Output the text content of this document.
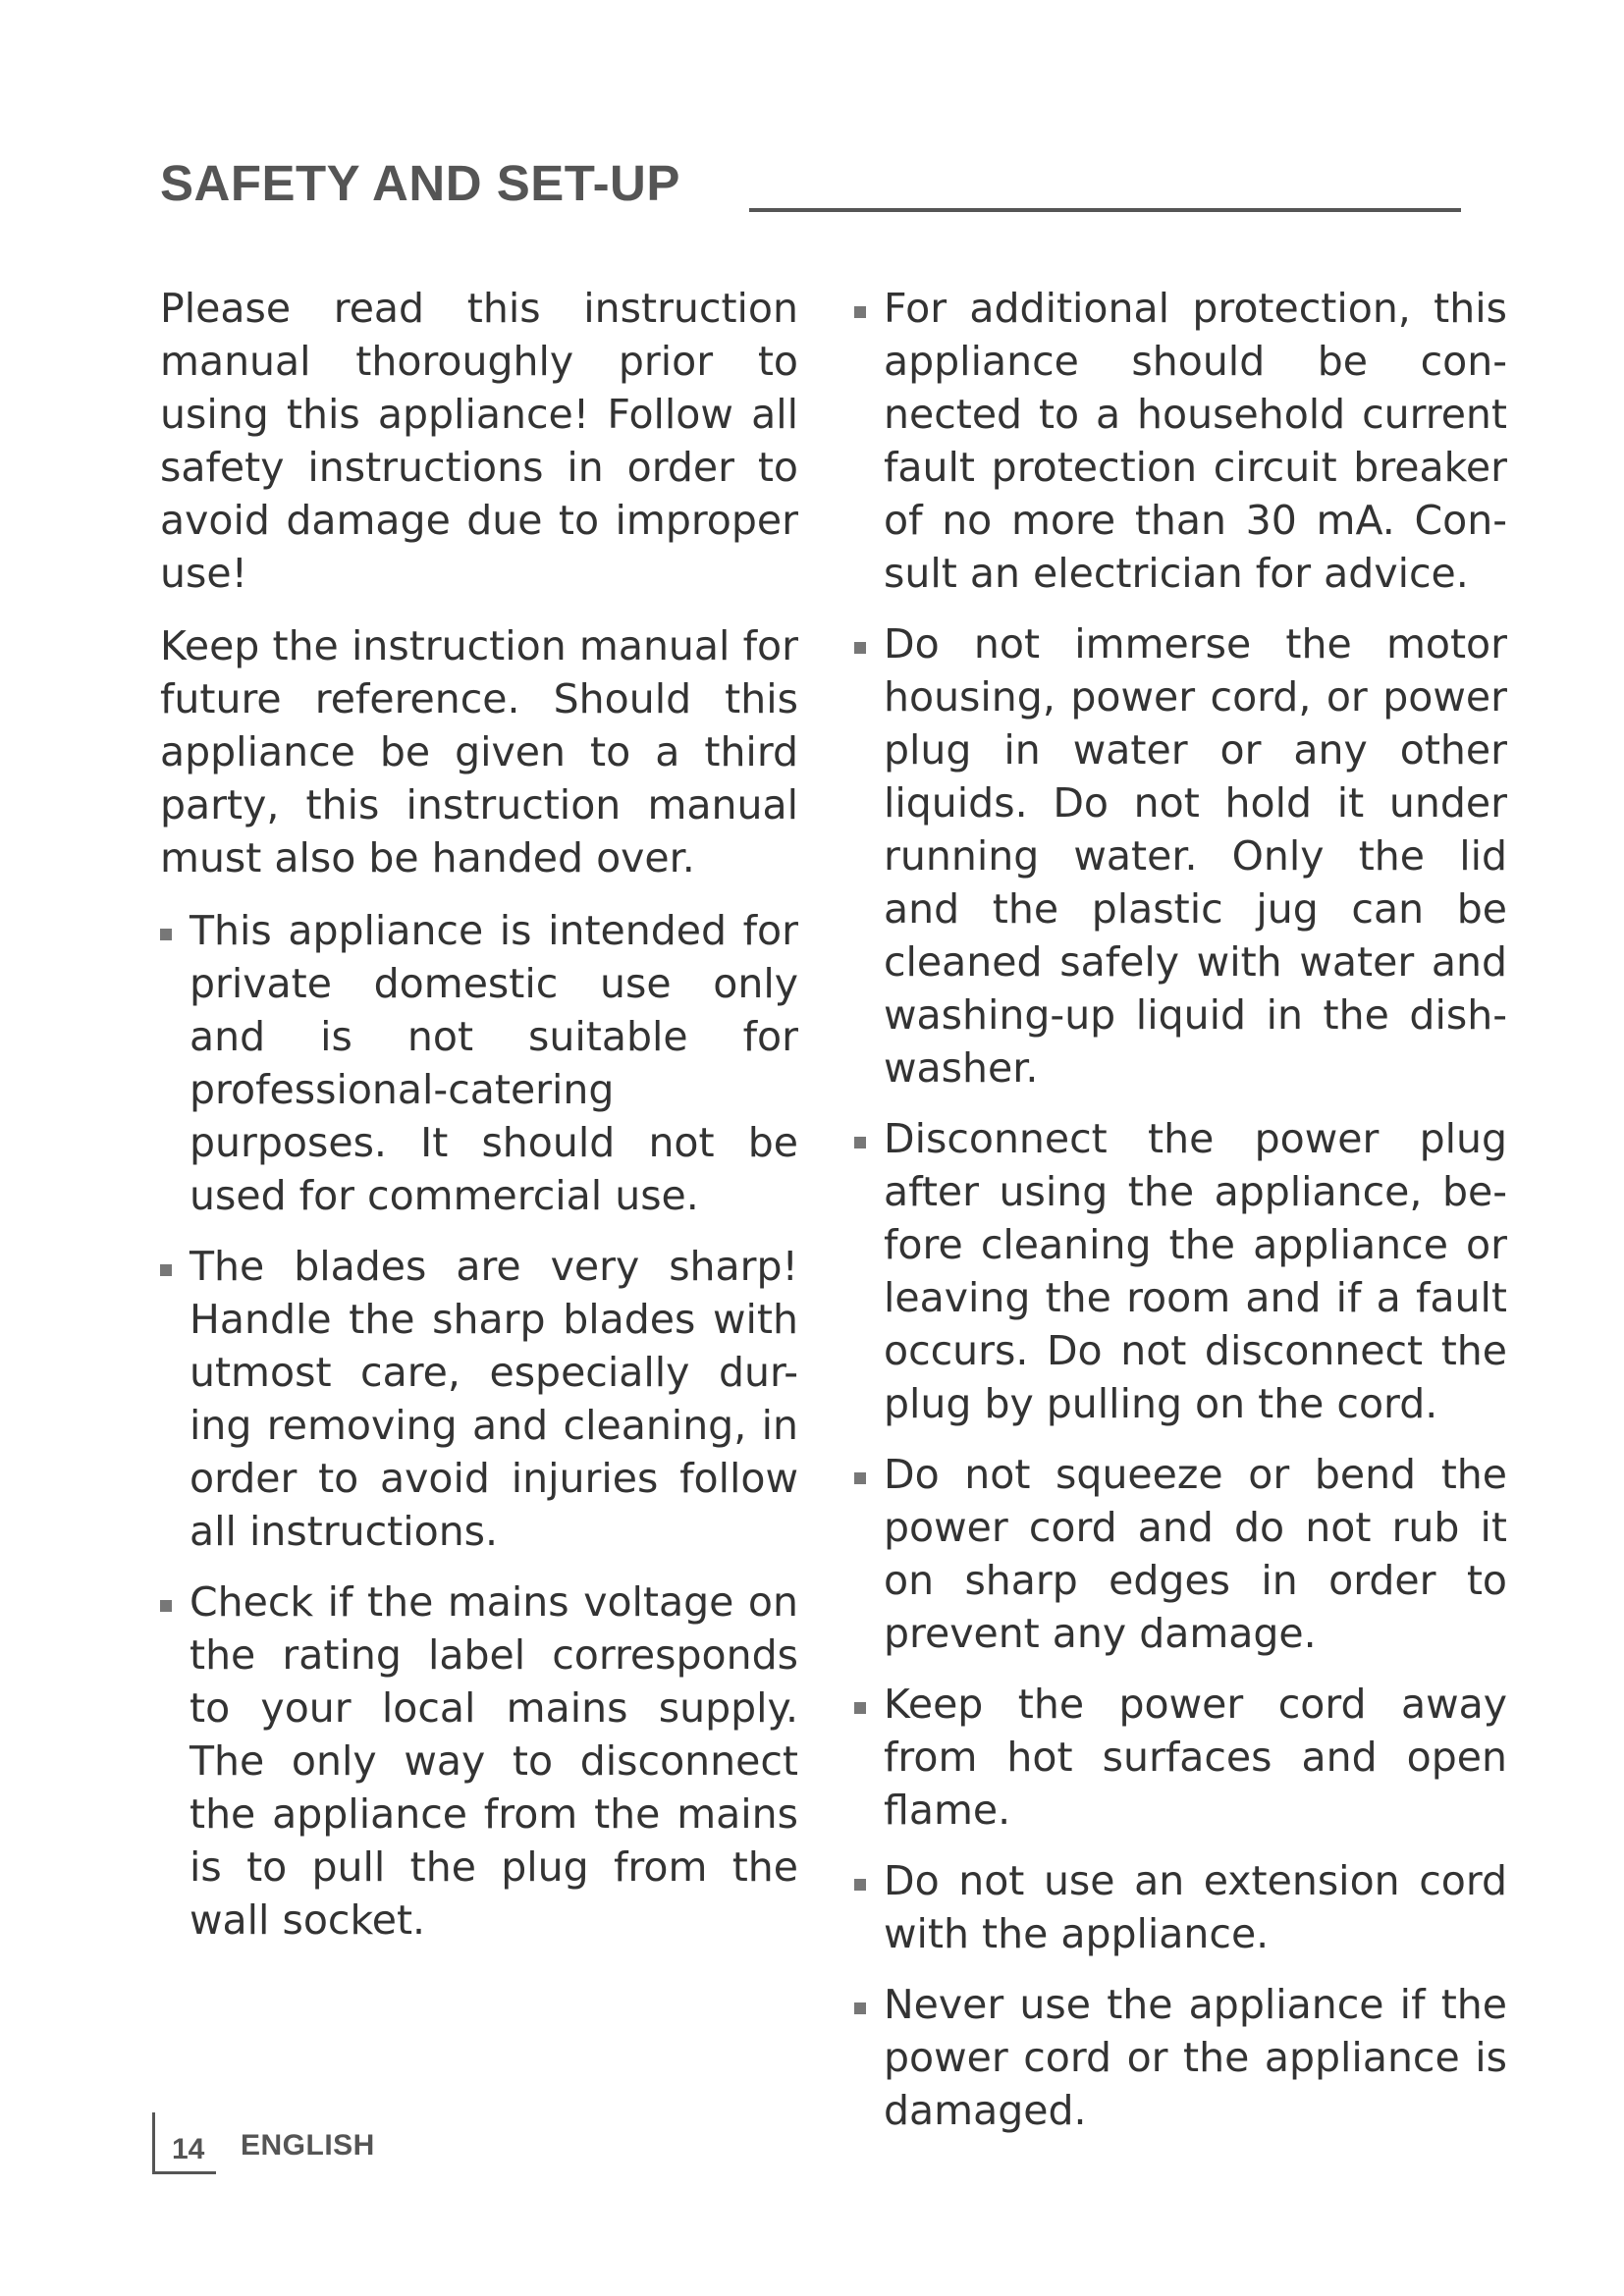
SAFETY AND SET-UP

Please read this instruction manual thoroughly prior to using this appliance! Follow all safety instructions in order to avoid damage due to improper use!

Keep the instruction manual for future reference. Should this appliance be given to a third party, this instruction manual must also be handed over.

This appliance is intended for private domestic use only and is not suitable for professional-catering purposes. It should not be used for commercial use.
The blades are very sharp! Handle the sharp blades with utmost care, especially dur-ing removing and cleaning, in order to avoid injuries follow all instructions.
Check if the mains voltage on the rating label corresponds to your local mains supply. The only way to disconnect the appliance from the mains is to pull the plug from the wall socket.
For additional protection, this appliance should be con-nected to a household current fault protection circuit breaker of no more than 30 mA. Con-sult an electrician for advice.
Do not immerse the motor housing, power cord, or power plug in water or any other liquids. Do not hold it under running water. Only the lid and the plastic jug can be cleaned safely with water and washing-up liquid in the dish-washer.
Disconnect the power plug after using the appliance, be-fore cleaning the appliance or leaving the room and if a fault occurs. Do not disconnect the plug by pulling on the cord.
Do not squeeze or bend the power cord and do not rub it on sharp edges in order to prevent any damage.
Keep the power cord away from hot surfaces and open flame.
Do not use an extension cord with the appliance.
Never use the appliance if the power cord or the appliance is damaged.
14 ENGLISH
